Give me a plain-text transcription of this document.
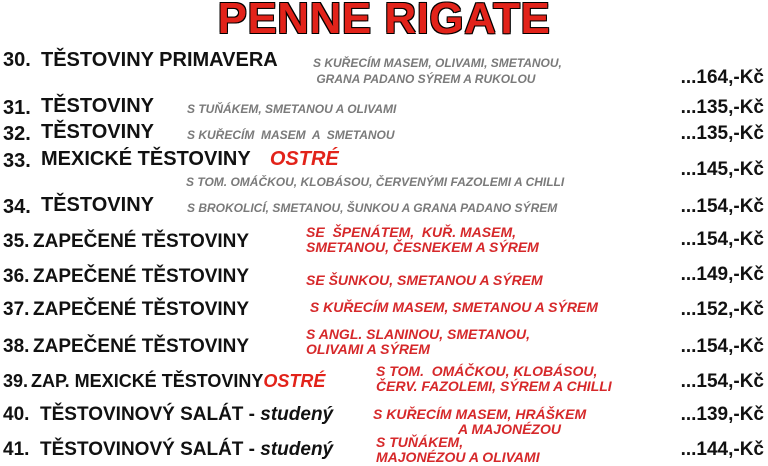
PENNE RIGATE
30. TĚSTOVINY PRIMAVERA	S KUŘECÍM MASEM, OLIVAMI, SMETANOU,
GRANA PADANO SÝREM A RUKOLOU	...164,-Kč
31. TĚSTOVINY	S TUŇÁKEM, SMETANOU A OLIVAMI	...135,-Kč
32. TĚSTOVINY	S KUŘECÍM  MASEM  A  SMETANOU	...135,-Kč
33. MEXICKÉ TĚSTOVINY OSTRÉ
S TOM. OMÁČKOU, KLOBÁSOU, ČERVENÝMI FAZOLEMI A CHILLI
...145,-Kč
34. TĚSTOVINY	S BROKOLICÍ, SMETANOU, ŠUNKOU A GRANA PADANO SÝREM	...154,-Kč
35. ZAPEČENÉ TĚSTOVINY	SE  ŠPENÁTEM,  KUŘ. MASEM,
SMETANOU, ČESNEKEM A SÝREM	...154,-Kč
36. ZAPEČENÉ TĚSTOVINY	SE ŠUNKOU, SMETANOU A SÝREM	...149,-Kč
37. ZAPEČENÉ TĚSTOVINY	S KUŘECÍM MASEM, SMETANOU A SÝREM	...152,-Kč
38. ZAPEČENÉ TĚSTOVINY
S ANGL. SLANINOU, SMETANOU,
OLIVAMI A SÝREM	...154,-Kč
39. ZAP. MEXICKÉ TĚSTOVINYOSTRÉ	S TOM.  OMÁČKOU, KLOBÁSOU,
ČERV. FAZOLEMI, SÝREM A CHILLI	...154,-Kč
40. TĚSTOVINOVÝ SALÁT - studený	S KUŘECÍM MASEM, HRÁŠKEM
A MAJONÉZOU
...139,-Kč
41. TĚSTOVINOVÝ SALÁT - studený	S TUŇÁKEM,
MAJONÉZOU A OLIVAMI	...144,-Kč
